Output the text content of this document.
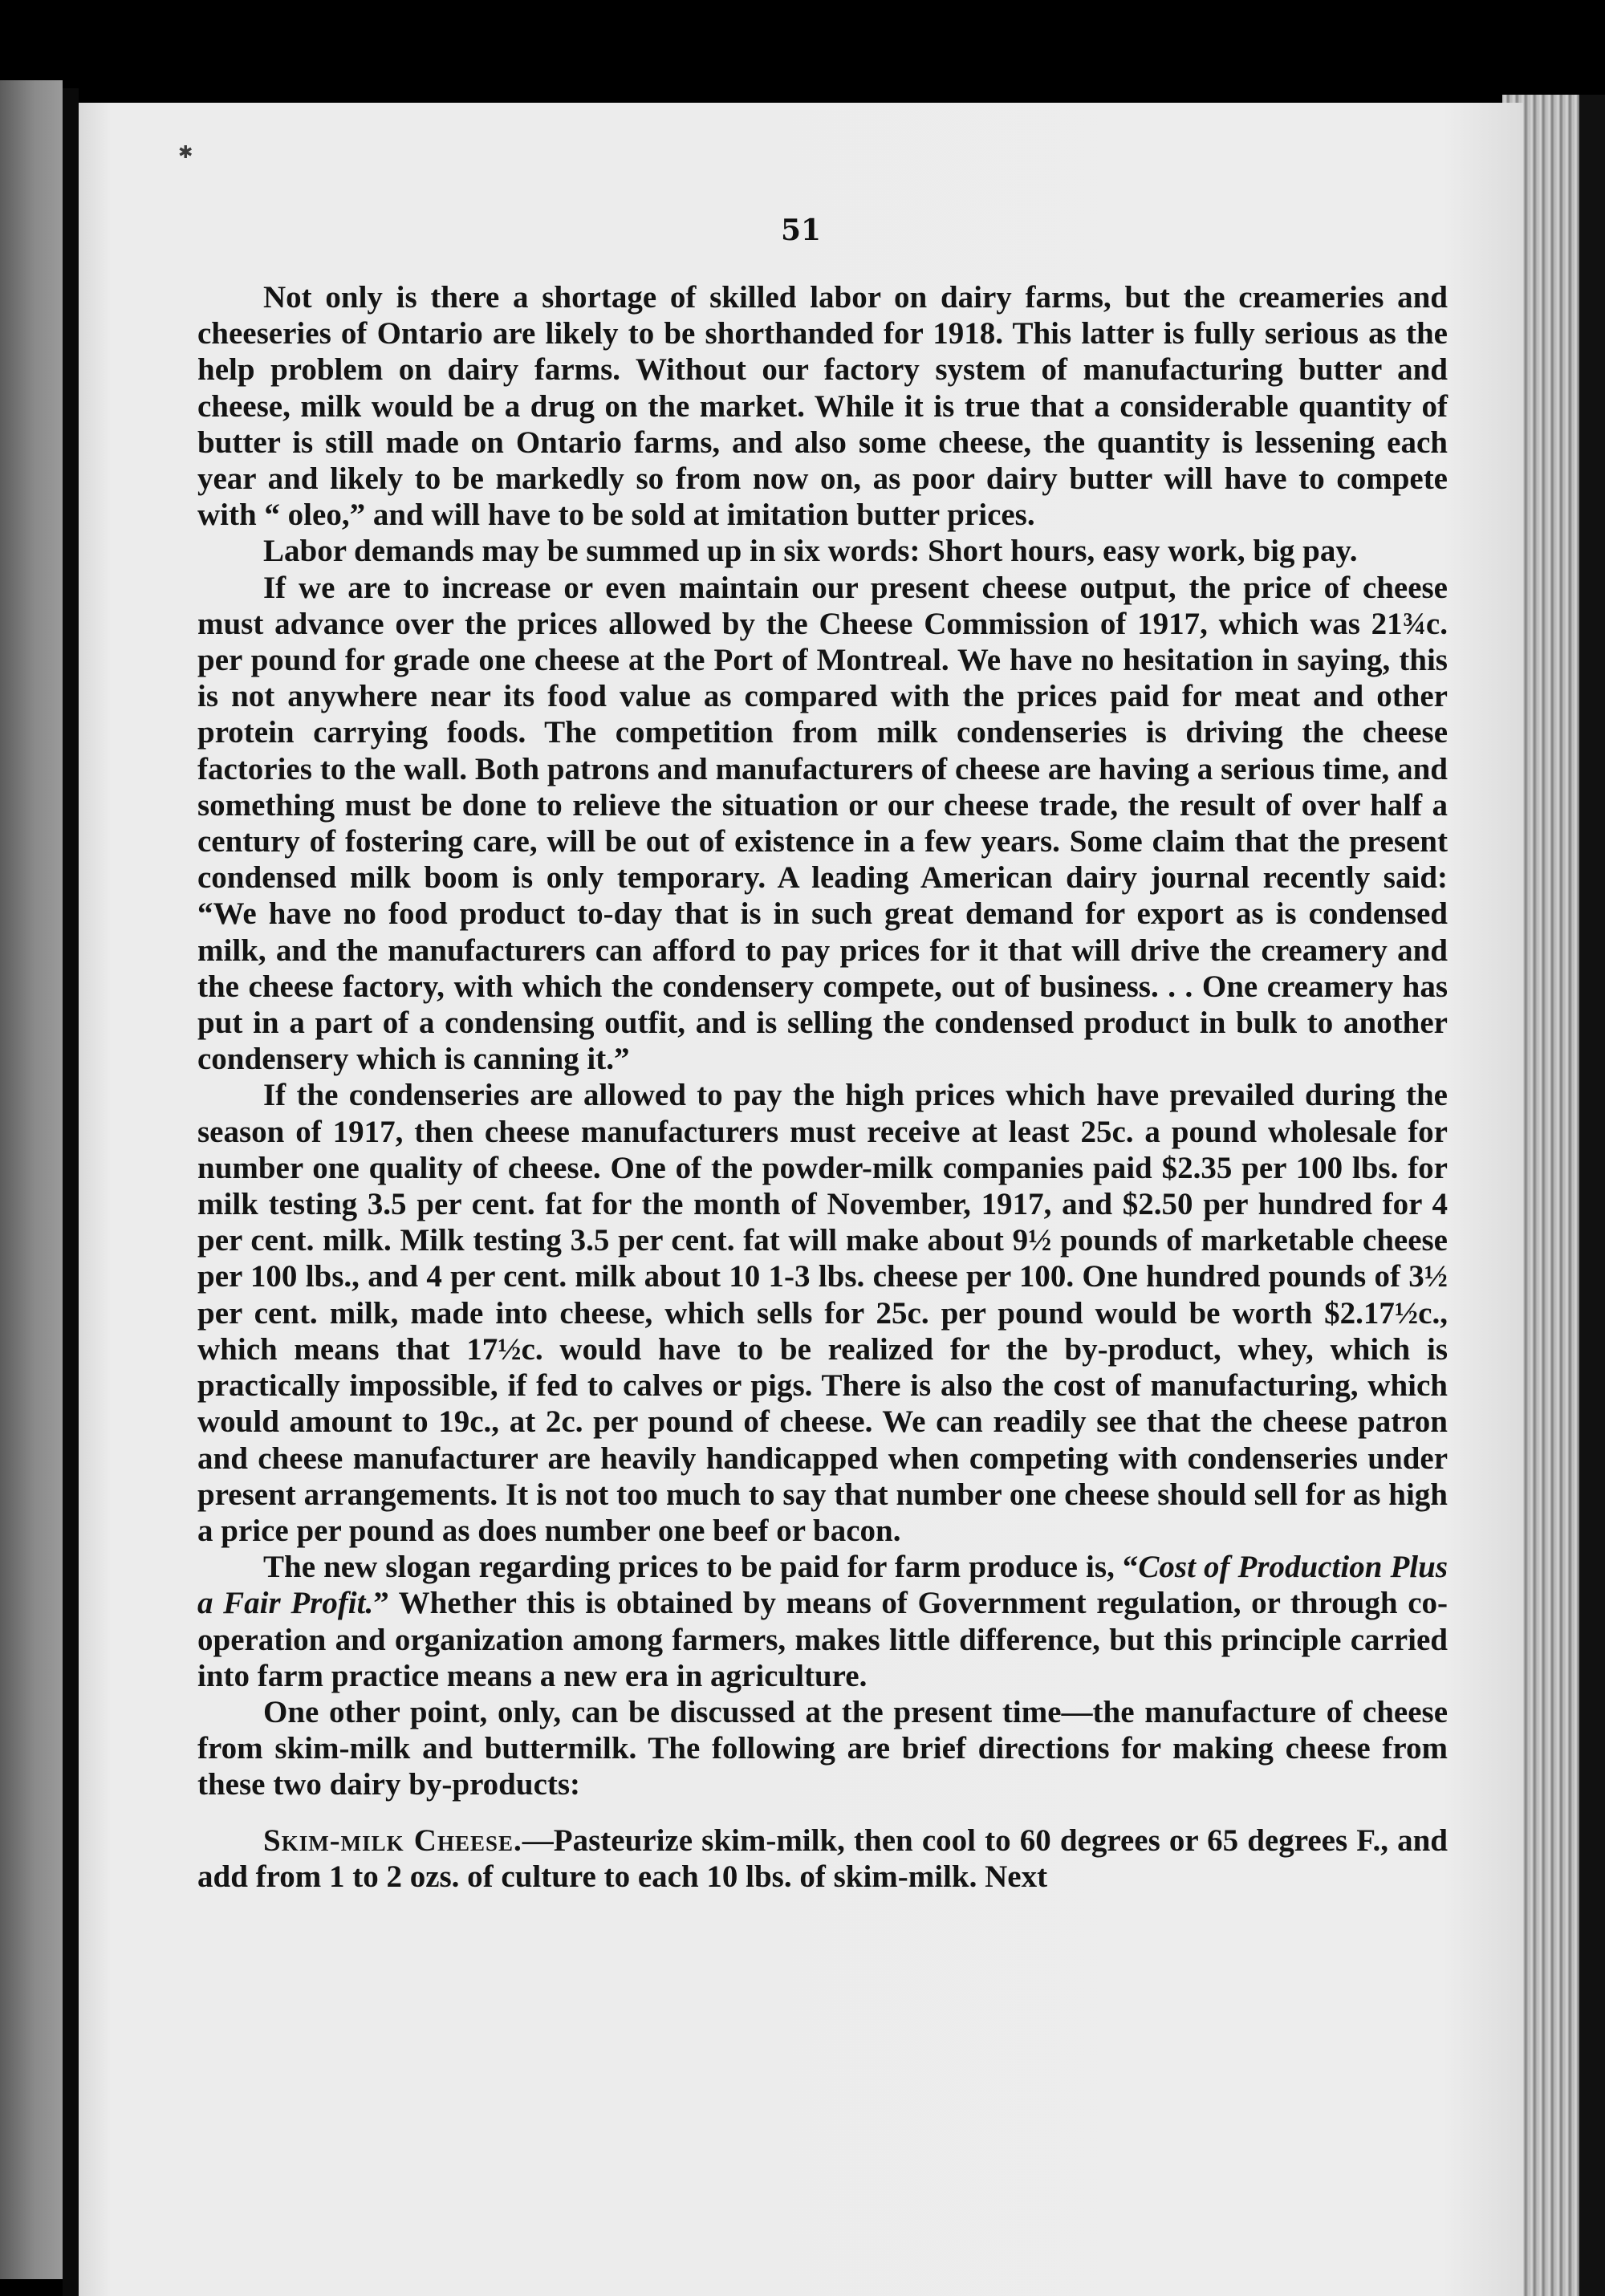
✱
51

Not only is there a shortage of skilled labor on dairy farms, but the creameries and cheeseries of Ontario are likely to be shorthanded for 1918. This latter is fully serious as the help problem on dairy farms. Without our factory system of manufacturing butter and cheese, milk would be a drug on the market. While it is true that a considerable quantity of butter is still made on Ontario farms, and also some cheese, the quantity is lessening each year and likely to be markedly so from now on, as poor dairy butter will have to compete with “ oleo,” and will have to be sold at imitation butter prices.

Labor demands may be summed up in six words: Short hours, easy work, big pay.

If we are to increase or even maintain our present cheese output, the price of cheese must advance over the prices allowed by the Cheese Commission of 1917, which was 21¾c. per pound for grade one cheese at the Port of Montreal. We have no hesitation in saying, this is not anywhere near its food value as compared with the prices paid for meat and other protein carrying foods. The competition from milk condenseries is driving the cheese factories to the wall. Both patrons and manufacturers of cheese are having a serious time, and something must be done to relieve the situation or our cheese trade, the result of over half a century of fostering care, will be out of existence in a few years. Some claim that the present condensed milk boom is only temporary. A leading American dairy journal recently said: “We have no food product to-day that is in such great demand for export as is condensed milk, and the manufacturers can afford to pay prices for it that will drive the creamery and the cheese factory, with which the condensery compete, out of business. . . One creamery has put in a part of a condensing outfit, and is selling the condensed product in bulk to another condensery which is canning it.”

If the condenseries are allowed to pay the high prices which have prevailed during the season of 1917, then cheese manufacturers must receive at least 25c. a pound wholesale for number one quality of cheese. One of the powder-milk companies paid $2.35 per 100 lbs. for milk testing 3.5 per cent. fat for the month of November, 1917, and $2.50 per hundred for 4 per cent. milk. Milk testing 3.5 per cent. fat will make about 9½ pounds of marketable cheese per 100 lbs., and 4 per cent. milk about 10 1-3 lbs. cheese per 100. One hundred pounds of 3½ per cent. milk, made into cheese, which sells for 25c. per pound would be worth $2.17½c., which means that 17½c. would have to be realized for the by-product, whey, which is practically impossible, if fed to calves or pigs. There is also the cost of manufacturing, which would amount to 19c., at 2c. per pound of cheese. We can readily see that the cheese patron and cheese manufacturer are heavily handicapped when competing with condenseries under present arrangements. It is not too much to say that number one cheese should sell for as high a price per pound as does number one beef or bacon.

The new slogan regarding prices to be paid for farm produce is, “Cost of Production Plus a Fair Profit.” Whether this is obtained by means of Government regulation, or through co-operation and organization among farmers, makes little difference, but this principle carried into farm practice means a new era in agriculture.

One other point, only, can be discussed at the present time—the manufacture of cheese from skim-milk and buttermilk. The following are brief directions for making cheese from these two dairy by-products:

Skim-milk Cheese.—Pasteurize skim-milk, then cool to 60 degrees or 65 degrees F., and add from 1 to 2 ozs. of culture to each 10 lbs. of skim-milk. Next
